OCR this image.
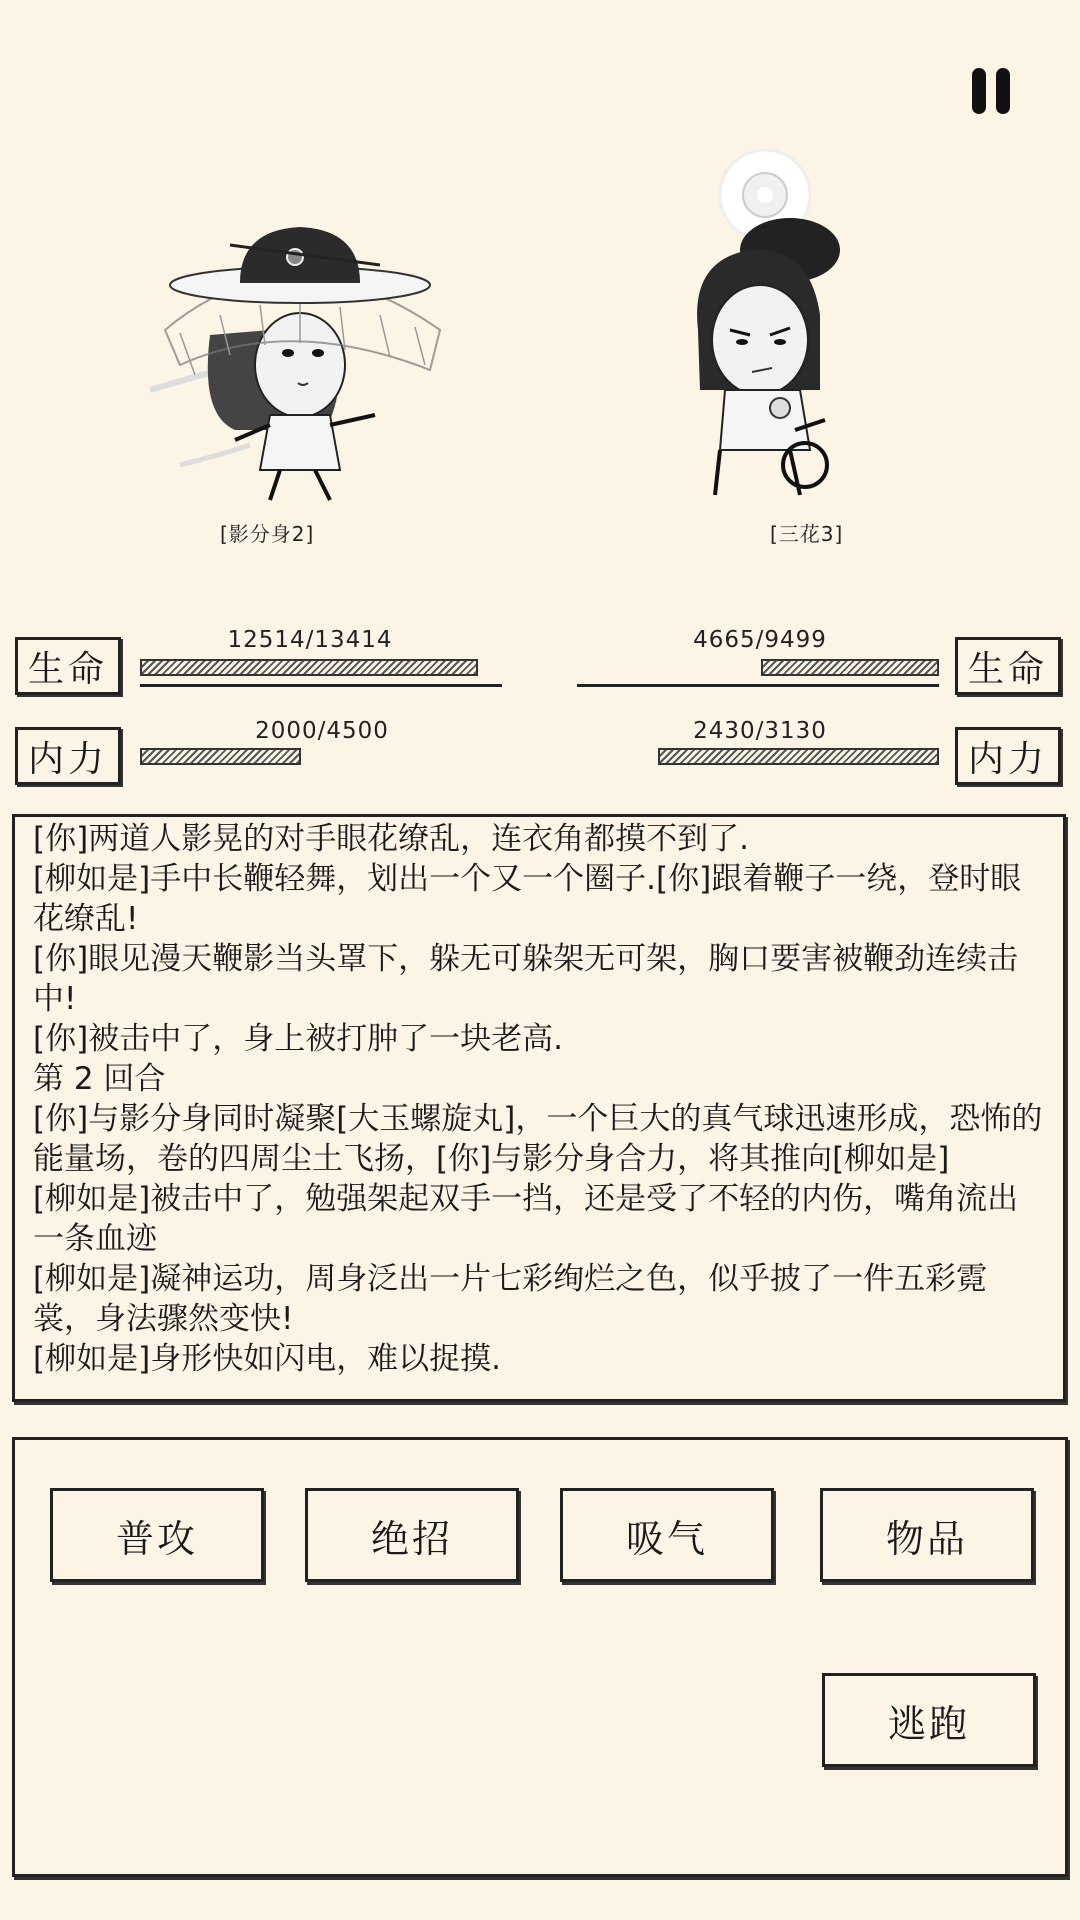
[影分身2]	[三花3]
生命
12514/13414
内力
2000/4500
生命
4665/9499
内力
2430/3130

[你]两道人影晃的对手眼花缭乱，连衣角都摸不到了.

[柳如是]手中长鞭轻舞，划出一个又一个圈子.[你]跟着鞭子一绕，登时眼花缭乱!

[你]眼见漫天鞭影当头罩下，躲无可躲架无可架，胸口要害被鞭劲连续击中!

[你]被击中了，身上被打肿了一块老高.

第 2 回合

[你]与影分身同时凝聚[大玉螺旋丸]，一个巨大的真气球迅速形成，恐怖的能量场，卷的四周尘土飞扬，[你]与影分身合力，将其推向[柳如是]

[柳如是]被击中了，勉强架起双手一挡，还是受了不轻的内伤，嘴角流出一条血迹

[柳如是]凝神运功，周身泛出一片七彩绚烂之色，似乎披了一件五彩霓裳，身法骤然变快!

[柳如是]身形快如闪电，难以捉摸.

普攻	绝招	吸气	物品
逃跑
